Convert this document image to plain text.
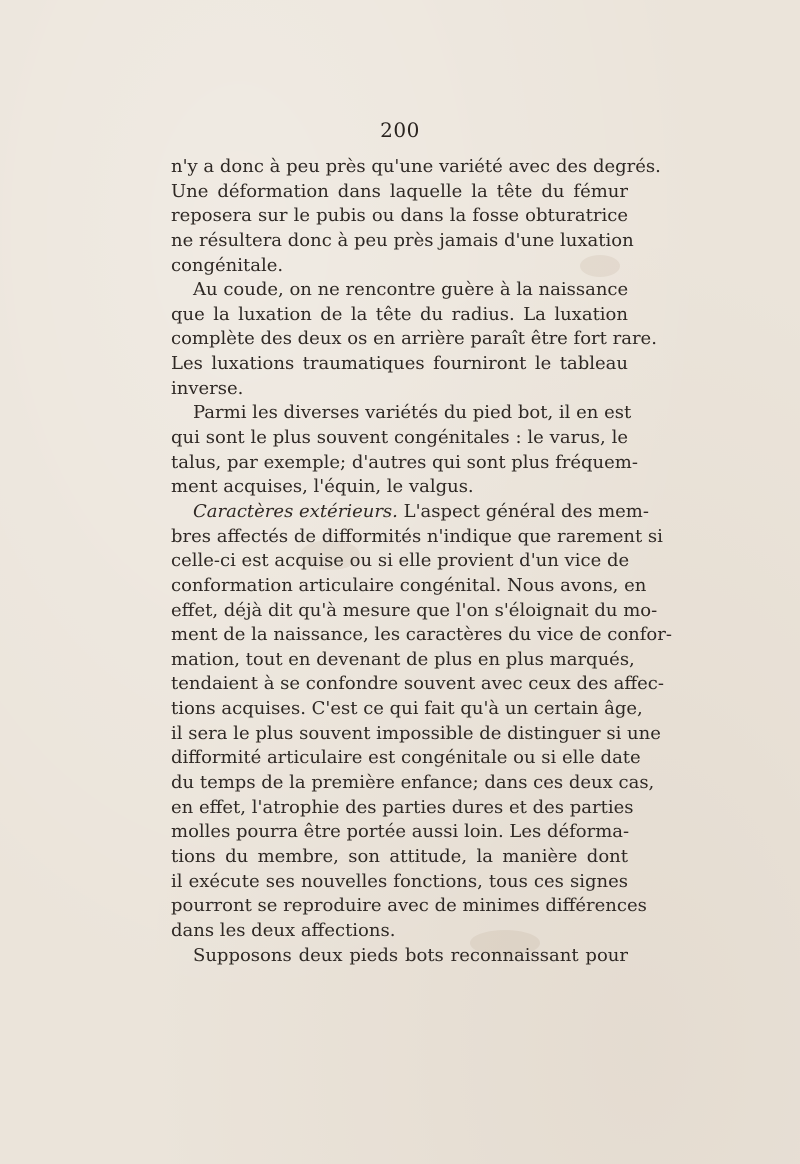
200
n'y a donc à peu près qu'une variété avec des degrés.
Une déformation dans laquelle la tête du fémur
reposera sur le pubis ou dans la fosse obturatrice
ne résultera donc à peu près jamais d'une luxation
congénitale.
Au coude, on ne rencontre guère à la naissance
que la luxation de la tête du radius. La luxation
complète des deux os en arrière paraît être fort rare.
Les luxations traumatiques fourniront le tableau
inverse.
Parmi les diverses variétés du pied bot, il en est
qui sont le plus souvent congénitales : le varus, le
talus, par exemple; d'autres qui sont plus fréquem-
ment acquises, l'équin, le valgus.
Caractères extérieurs. L'aspect général des mem-
bres affectés de difformités n'indique que rarement si
celle-ci est acquise ou si elle provient d'un vice de
conformation articulaire congénital. Nous avons, en
effet, déjà dit qu'à mesure que l'on s'éloignait du mo-
ment de la naissance, les caractères du vice de confor-
mation, tout en devenant de plus en plus marqués,
tendaient à se confondre souvent avec ceux des affec-
tions acquises. C'est ce qui fait qu'à un certain âge,
il sera le plus souvent impossible de distinguer si une
difformité articulaire est congénitale ou si elle date
du temps de la première enfance; dans ces deux cas,
en effet, l'atrophie des parties dures et des parties
molles pourra être portée aussi loin. Les déforma-
tions du membre, son attitude, la manière dont
il exécute ses nouvelles fonctions, tous ces signes
pourront se reproduire avec de minimes différences
dans les deux affections.
Supposons deux pieds bots reconnaissant pour
